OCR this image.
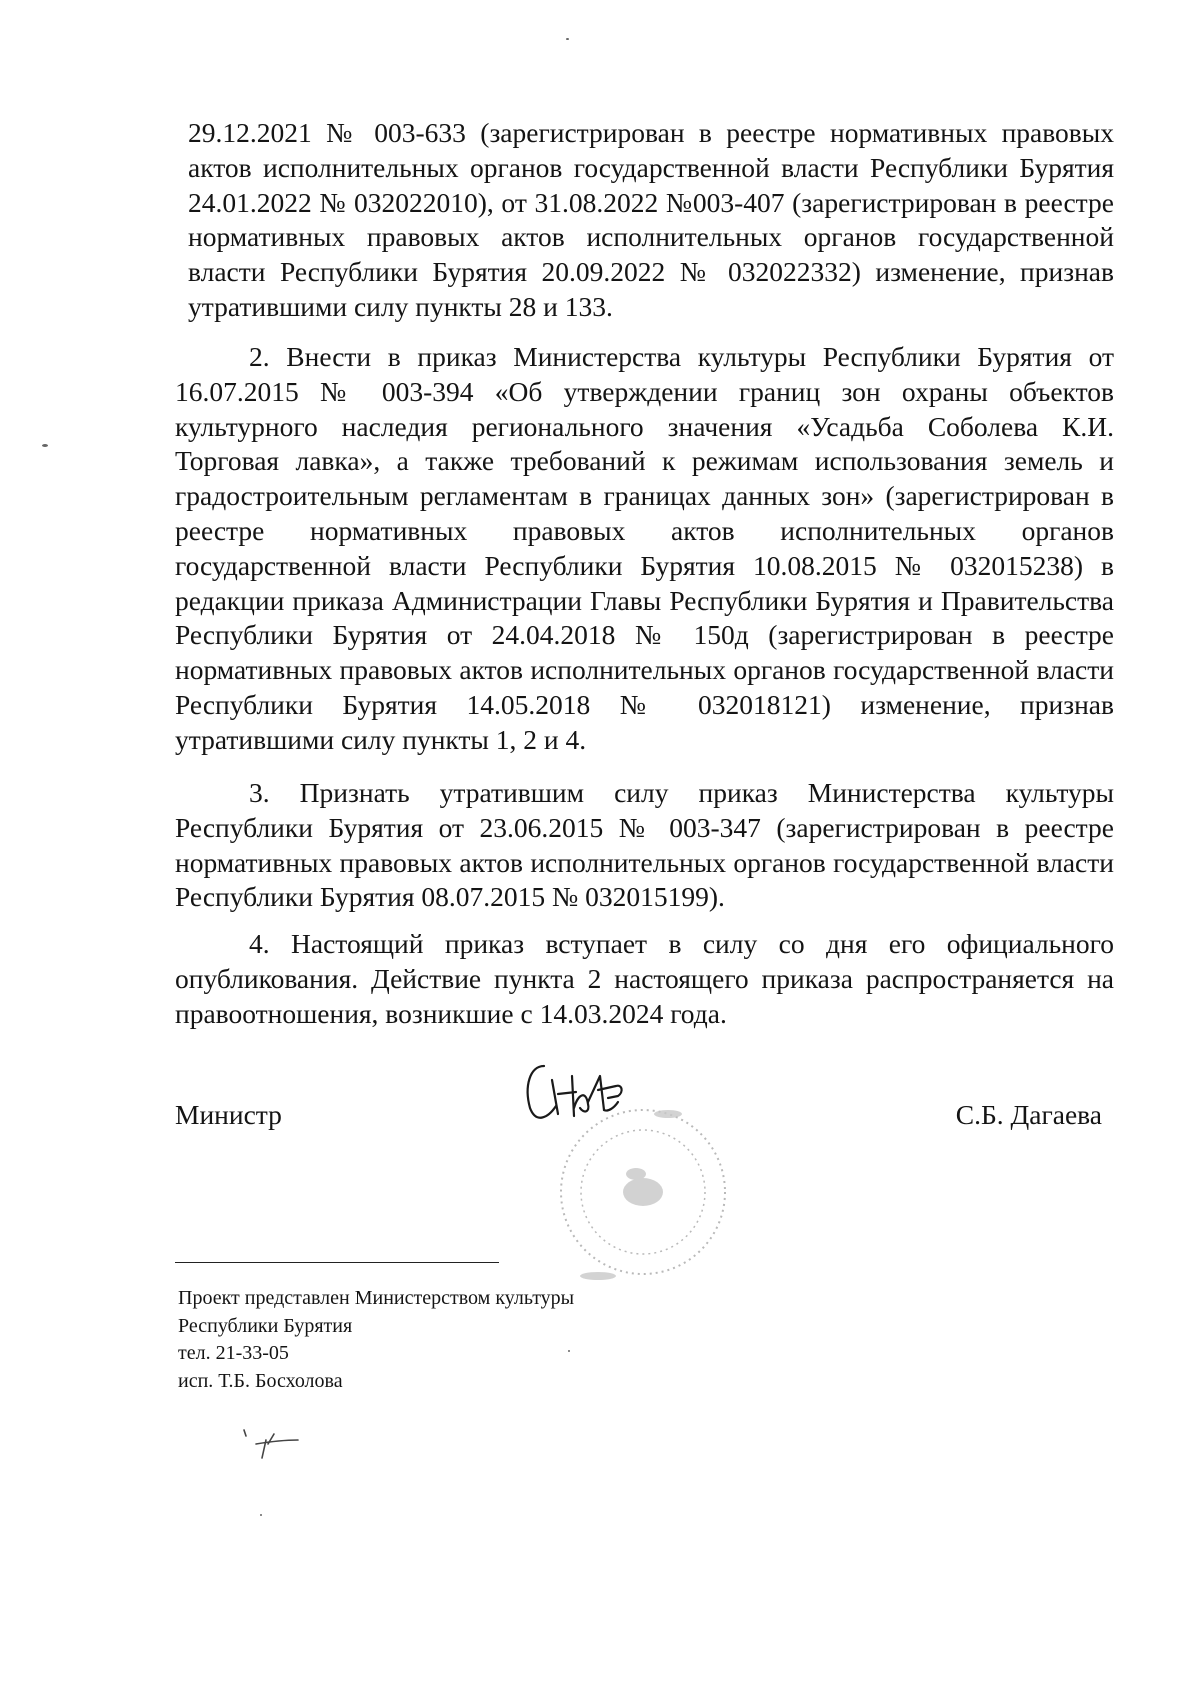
29.12.2021 № 003-633 (зарегистрирован в реестре нормативных правовых актов исполнительных органов государственной власти Республики Бурятия 24.01.2022 № 032022010), от 31.08.2022 №003-407 (зарегистрирован в реестре нормативных правовых актов исполнительных органов государственной власти Республики Бурятия 20.09.2022 № 032022332) изменение, признав утратившими силу пункты 28 и 133.

2. Внести в приказ Министерства культуры Республики Бурятия от 16.07.2015 № 003-394 «Об утверждении границ зон охраны объектов культурного наследия регионального значения «Усадьба Соболева К.И. Торговая лавка», а также требований к режимам использования земель и градостроительным регламентам в границах данных зон» (зарегистрирован в реестре нормативных правовых актов исполнительных органов государственной власти Республики Бурятия 10.08.2015 № 032015238) в редакции приказа Администрации Главы Республики Бурятия и Правительства Республики Бурятия от 24.04.2018 № 150д (зарегистрирован в реестре нормативных правовых актов исполнительных органов государственной власти Республики Бурятия 14.05.2018 № 032018121) изменение, признав утратившими силу пункты 1, 2 и 4.

3. Признать утратившим силу приказ Министерства культуры Республики Бурятия от 23.06.2015 № 003-347 (зарегистрирован в реестре нормативных правовых актов исполнительных органов государственной власти Республики Бурятия 08.07.2015 № 032015199).

4. Настоящий приказ вступает в силу со дня его официального опубликования. Действие пункта 2 настоящего приказа распространяется на правоотношения, возникшие с 14.03.2024 года.

Министр	С.Б. Дагаева
Проект представлен Министерством культуры
Республики Бурятия
тел. 21-33-05
исп. Т.Б. Босхолова
